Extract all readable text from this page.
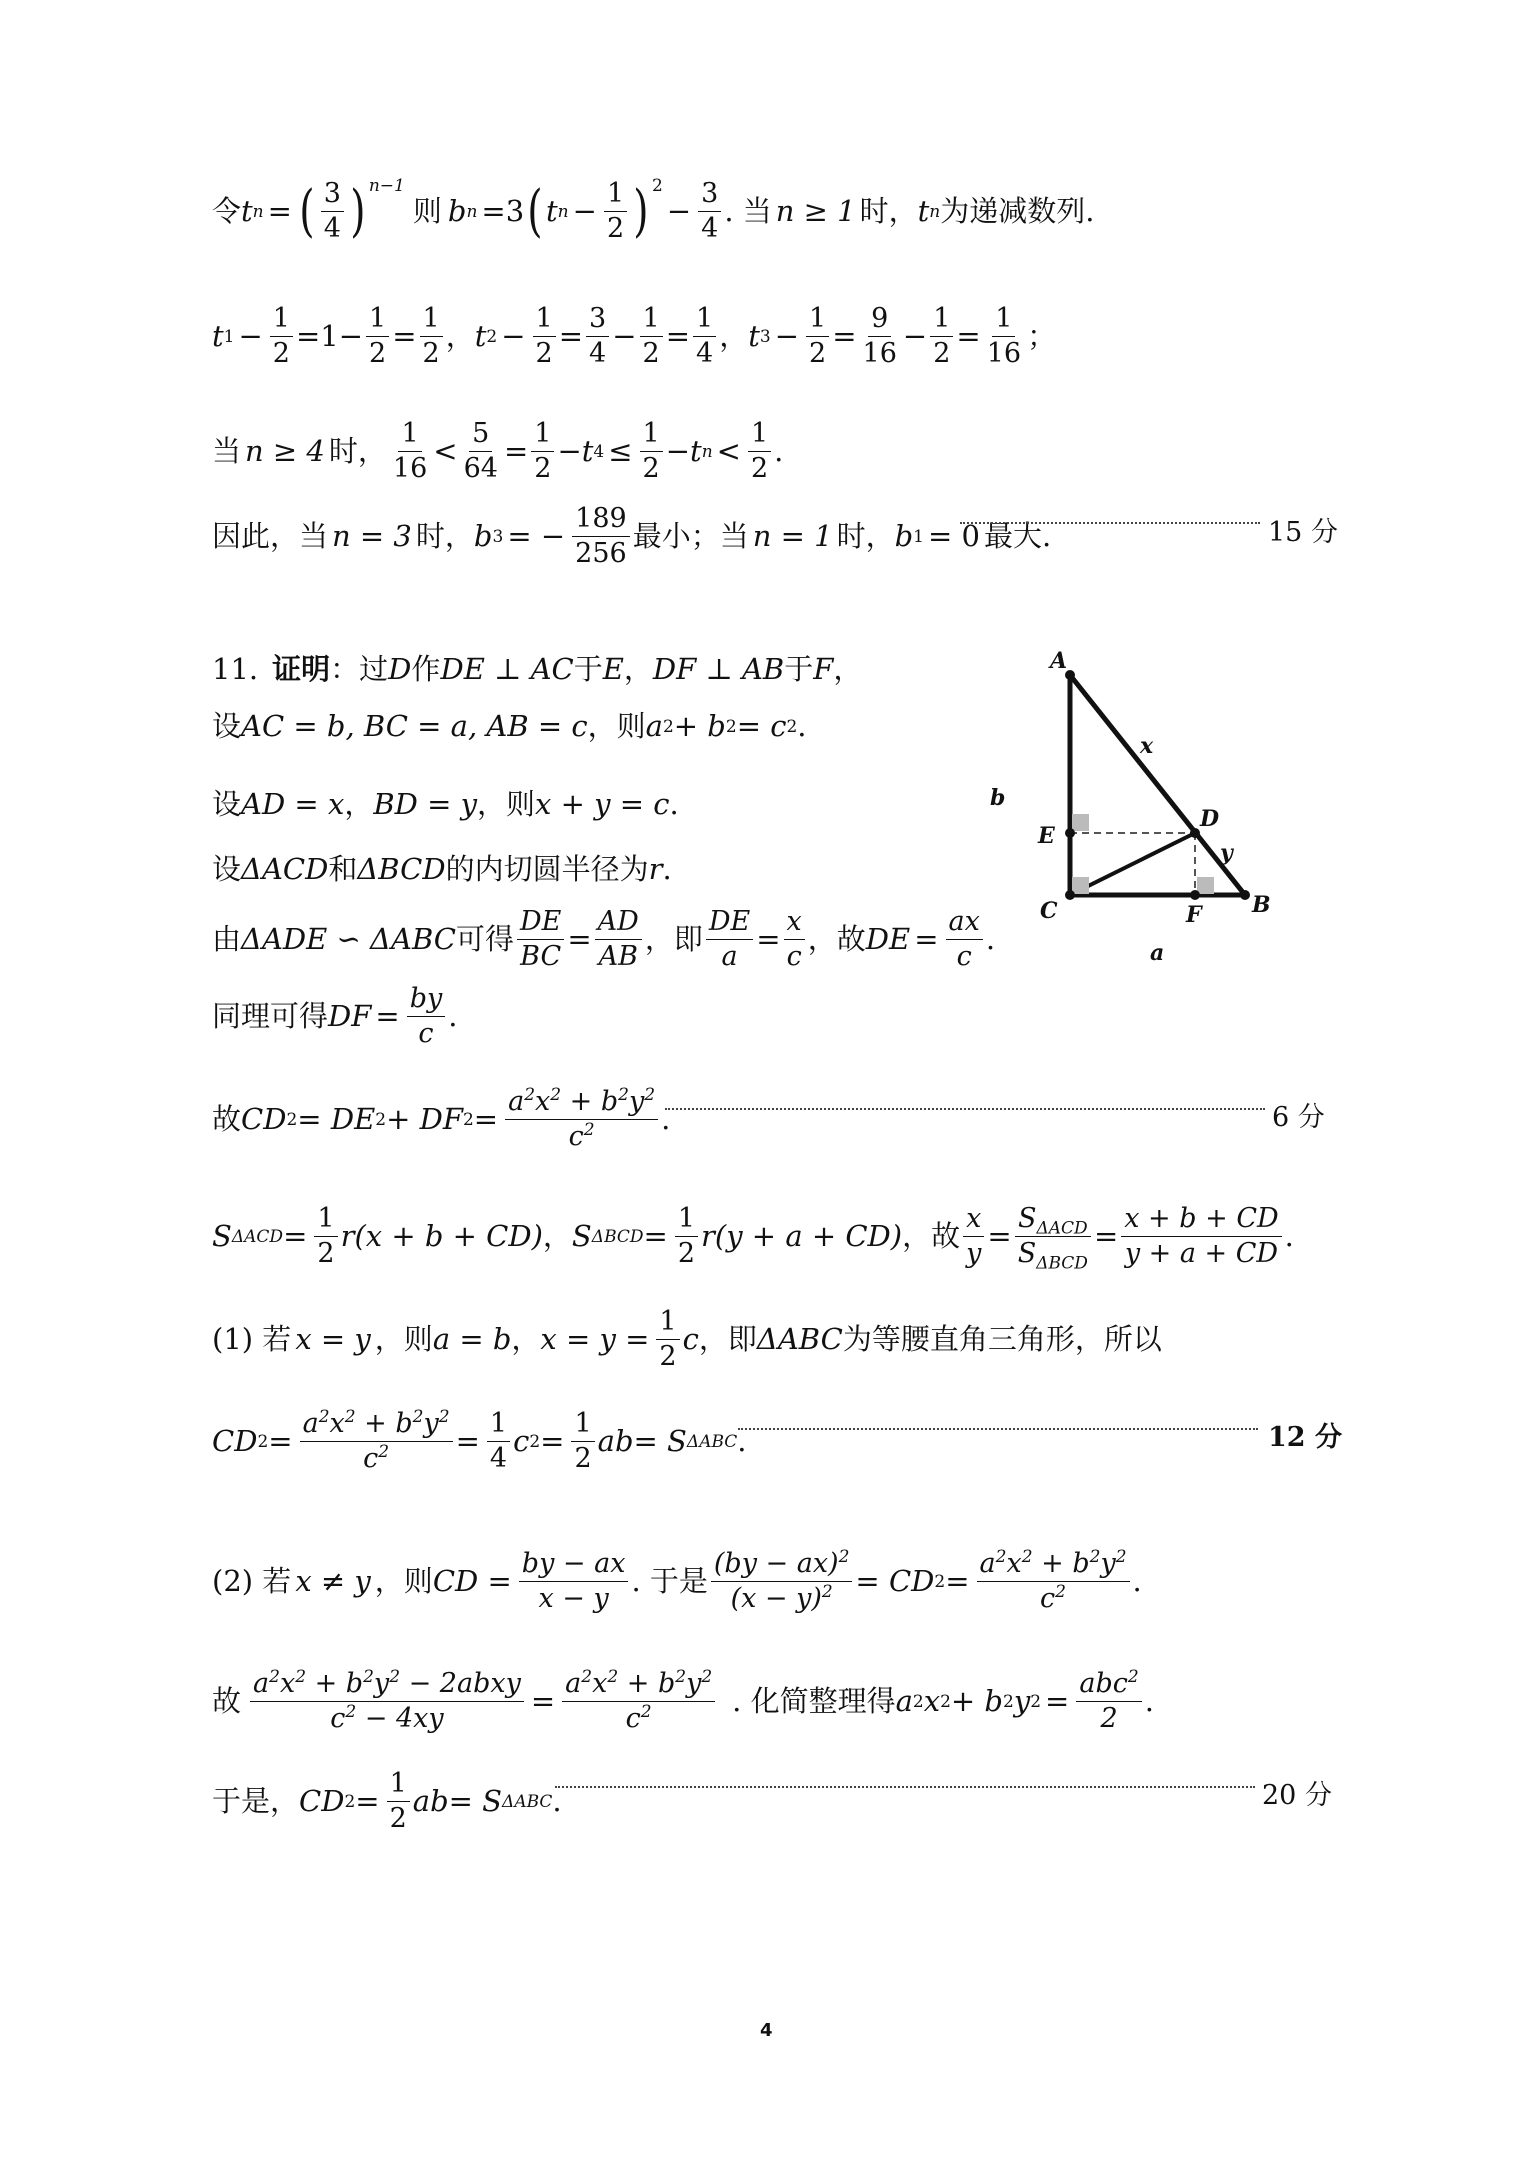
令 t n = ( $\frac{3}{4} )^{n-1}$
则 b n =3 ( t $n - \frac{1}{2} )^2$
− $\frac{3}{4}$ . 当 n ≥ 1 时， t n 为递减数列.
t $1 - \frac{1}{2} =1- \frac{1}{2} = \frac{1}{2}$ ， t $2 - \frac{1}{2} = \frac{3}{4} - \frac{1}{2} = \frac{1}{4}$ ， t $3 - \frac{1}{2} = \frac{9}{16} - \frac{1}{2} = \frac{1}{16}$ ；
当 n ≥ 4 时， $\frac{1}{16} < \frac{5}{64} = \frac{1}{2} - t$ $4 \le \frac{1}{2} - t$ $n < \frac{1}{2}$ .
因此，当 n = 3 时， b 3 = − $\frac{189}{256}$ 最小；当 n = 1 时， b 1 = 0 最大.	15 分
11. 证明 ：过 D 作 DE ⊥ AC 于 E ， DF ⊥ AB 于 F ，
设 AC = b, BC = a, AB = c ，则 a 2 + b 2 = c 2 .
设 AD = x ， BD = y ，则 x + y = c .
设 ΔACD 和 ΔBCD 的内切圆半径为 r .
由 ΔADE ∽ ΔABC 可得 $\frac{DE}{BC} = \frac{AD}{AB}$ ，即 $\frac{DE}{a} = \frac{x}{c}$ ，故 DE = $\frac{ax}{c}$ .
同理可得 DF = $\frac{by}{c}$ .
故 CD 2 = DE 2 + DF $2 = \frac{a^2x^2 + b^2y^2}{c^2}$ .	6 分
S $\Delta ACD = \frac{1}{2} r(x + b + CD)$ ， S $\Delta BCD = \frac{1}{2} r(y + a + CD)$ ，故 $\frac{x}{y} = \frac{S_{\Delta ACD}}{S_{\Delta BCD}} = \frac{x + b + CD}{y + a + CD}$ .
(1) 若 x = y ，则 a = b ， $x = y = \frac{1}{2}$ c ，即 ΔABC 为等腰直角三角形，所以
CD $2 = \frac{a^2x^2 + b^2y^2}{c^2} = \frac{1}{4}$ c $2 = \frac{1}{2}$ ab = S ΔABC .	12 分
(2) 若 x ≠ y ，则 CD = $\frac{by - ax}{x - y}$ . 于是 $\frac{(by - ax)^2}{(x - y)^2}$ = CD $2 = \frac{a^2x^2 + b^2y^2}{c^2}$ .
故 $\frac{a^2x^2 + b^2y^2 - 2abxy}{c^2 - 4xy} = \frac{a^2x^2 + b^2y^2}{c^2}$ . 化简整理得 a 2 x 2 + b 2 y $2 = \frac{abc^2}{2}$ .
于是， CD $2 = \frac{1}{2}$ ab = S ΔABC .	20 分
A
E
C
D
F B
x
y
a
b
4
